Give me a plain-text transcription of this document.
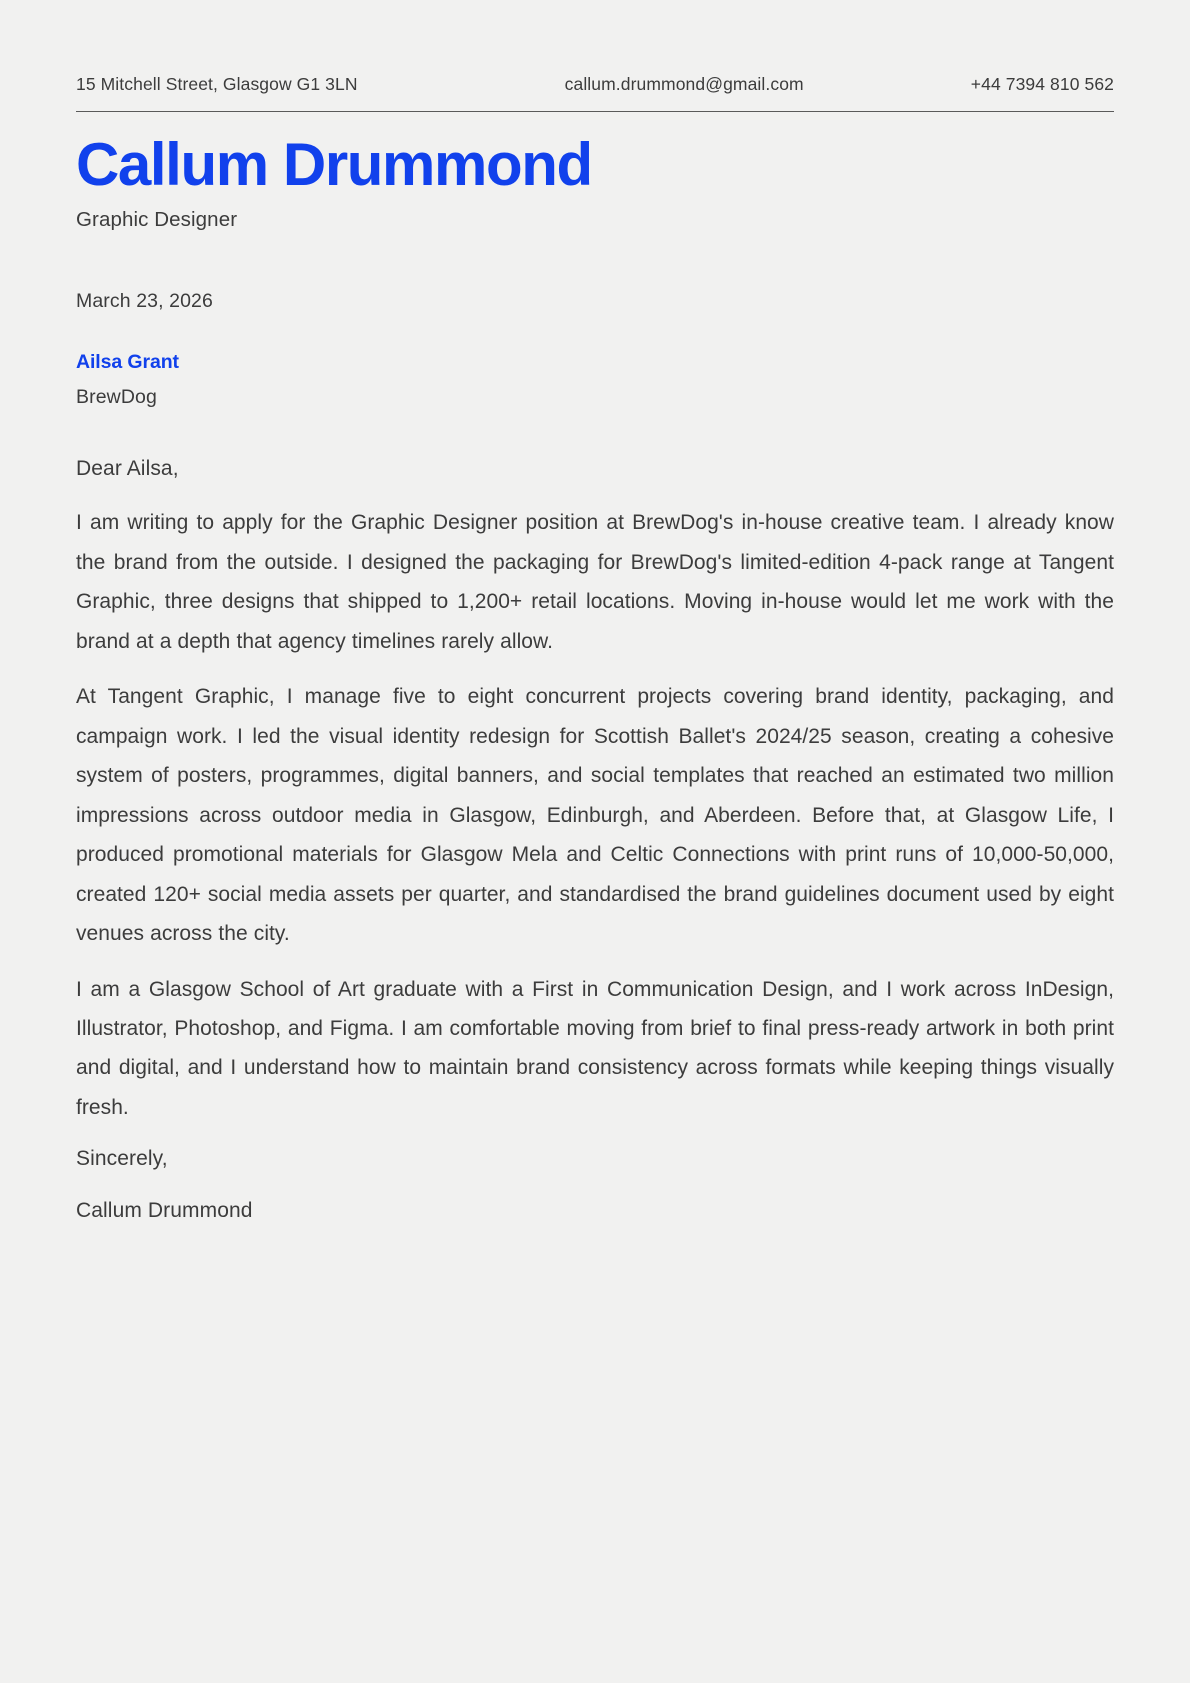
15 Mitchell Street, Glasgow G1 3LN	callum.drummond@gmail.com	+44 7394 810 562
Callum Drummond

Graphic Designer

March 23, 2026

Ailsa Grant

BrewDog

Dear Ailsa,

I am writing to apply for the Graphic Designer position at BrewDog's in-house creative team. I already know the brand from the outside. I designed the packaging for BrewDog's limited-edition 4-pack range at Tangent Graphic, three designs that shipped to 1,200+ retail locations. Moving in-house would let me work with the brand at a depth that agency timelines rarely allow.

At Tangent Graphic, I manage five to eight concurrent projects covering brand identity, packaging, and campaign work. I led the visual identity redesign for Scottish Ballet's 2024/25 season, creating a cohesive system of posters, programmes, digital banners, and social templates that reached an estimated two million impressions across outdoor media in Glasgow, Edinburgh, and Aberdeen. Before that, at Glasgow Life, I produced promotional materials for Glasgow Mela and Celtic Connections with print runs of 10,000-50,000, created 120+ social media assets per quarter, and standardised the brand guidelines document used by eight venues across the city.

I am a Glasgow School of Art graduate with a First in Communication Design, and I work across InDesign, Illustrator, Photoshop, and Figma. I am comfortable moving from brief to final press-ready artwork in both print and digital, and I understand how to maintain brand consistency across formats while keeping things visually fresh.

Sincerely,

Callum Drummond
